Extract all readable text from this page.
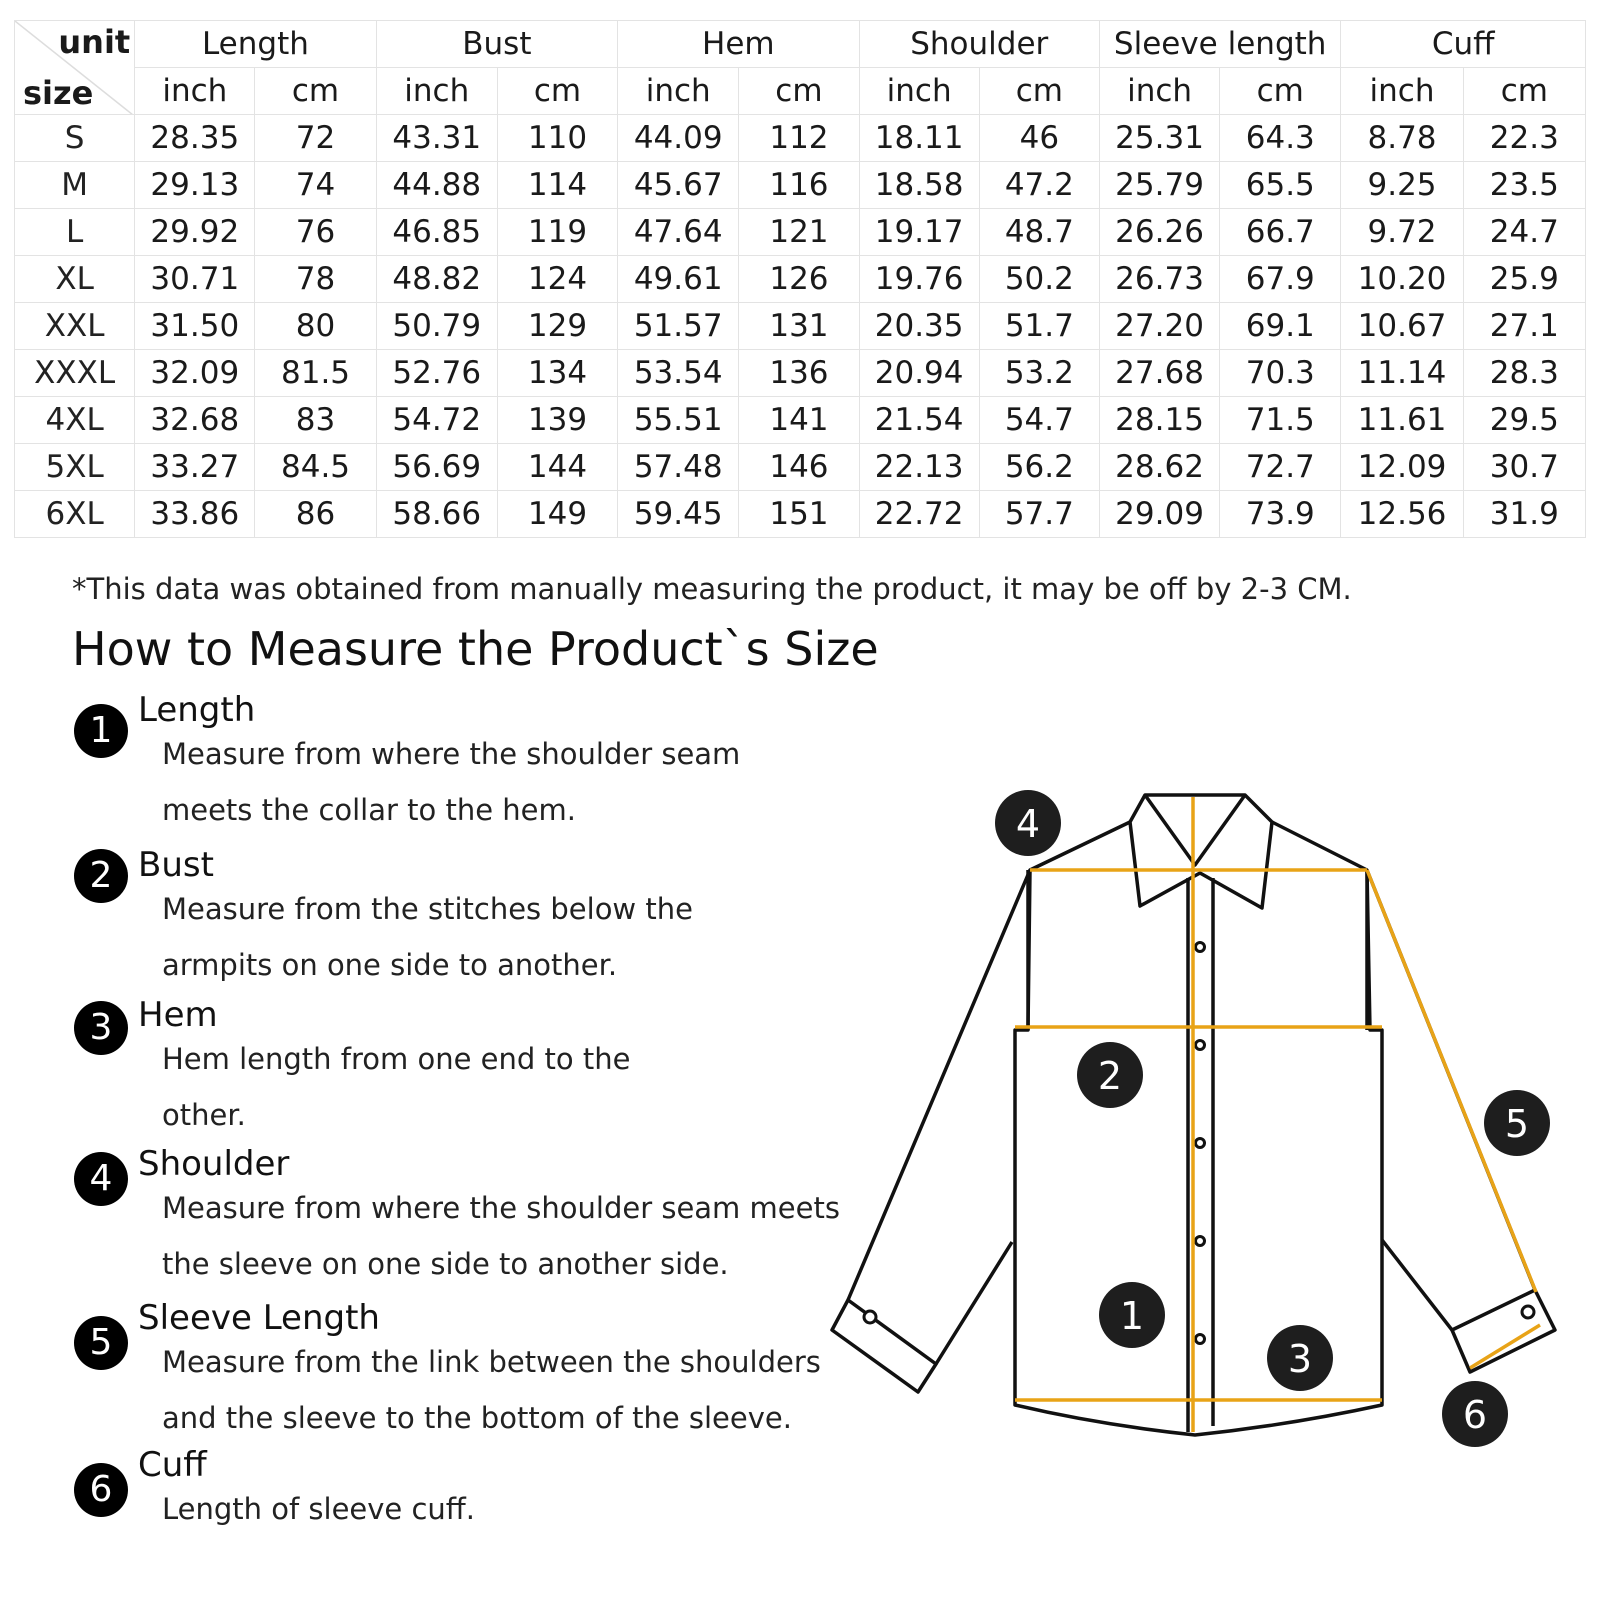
unit
size	Length		Bust		Hem		Shoulder		Sleeve length		Cuff	
	inch	cm	inch	cm	inch	cm	inch	cm	inch	cm	inch	cm
S	28.35	72	43.31	110	44.09	112	18.11	46	25.31	64.3	8.78	22.3
M	29.13	74	44.88	114	45.67	116	18.58	47.2	25.79	65.5	9.25	23.5
L	29.92	76	46.85	119	47.64	121	19.17	48.7	26.26	66.7	9.72	24.7
XL	30.71	78	48.82	124	49.61	126	19.76	50.2	26.73	67.9	10.20	25.9
XXL	31.50	80	50.79	129	51.57	131	20.35	51.7	27.20	69.1	10.67	27.1
XXXL	32.09	81.5	52.76	134	53.54	136	20.94	53.2	27.68	70.3	11.14	28.3
4XL	32.68	83	54.72	139	55.51	141	21.54	54.7	28.15	71.5	11.61	29.5
5XL	33.27	84.5	56.69	144	57.48	146	22.13	56.2	28.62	72.7	12.09	30.7
6XL	33.86	86	58.66	149	59.45	151	22.72	57.7	29.09	73.9	12.56	31.9
*This data was obtained from manually measuring the product, it may be off by 2-3 CM.
How to Measure the Product`s Size
1 Length
Measure from where the shoulder seam meets the collar to the hem.
2 Bust
Measure from the stitches below the armpits on one side to another.
3 Hem
Hem length from one end to the other.
4 Shoulder
Measure from where the shoulder seam meets the sleeve on one side to another side.
5
Sleeve Length
Measure from the link between the shoulders and the sleeve to the bottom of the sleeve.
6
Cuff
Length of sleeve cuff.
4
2
1
3
5
6
